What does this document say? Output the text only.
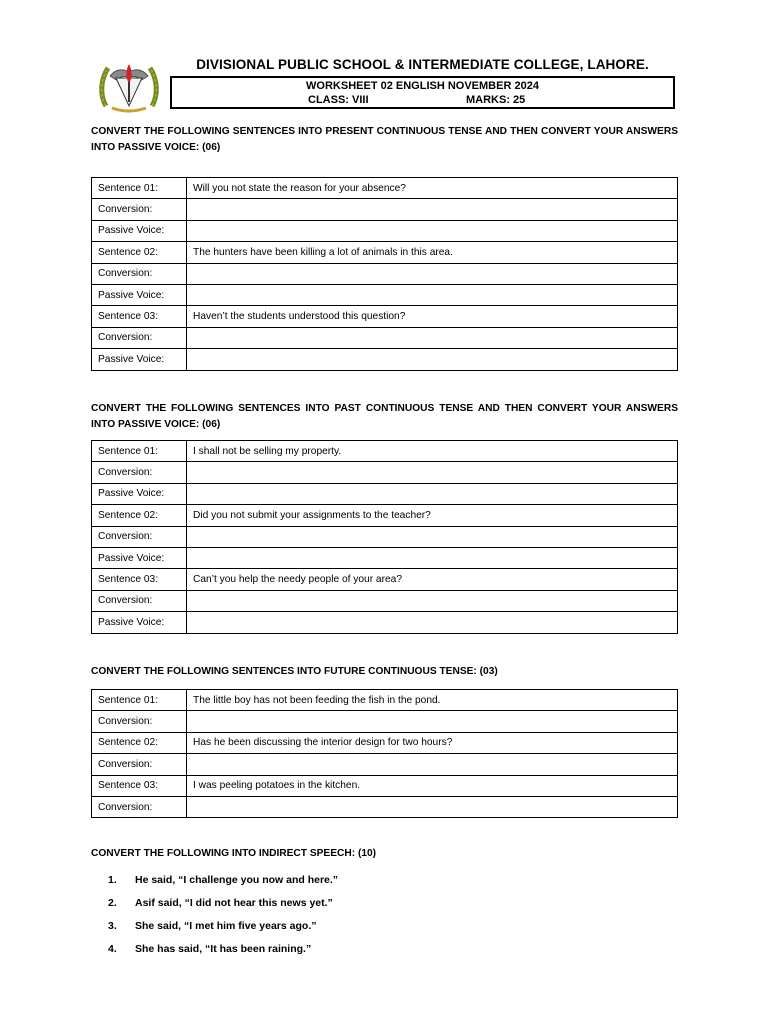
DIVISIONAL PUBLIC SCHOOL & INTERMEDIATE COLLEGE, LAHORE.
WORKSHEET 02 ENGLISH NOVEMBER 2024
CLASS: VIII	MARKS: 25
CONVERT THE FOLLOWING SENTENCES INTO PRESENT CONTINUOUS TENSE AND THEN CONVERT YOUR ANSWERS INTO PASSIVE VOICE: (06)
Sentence 01:	Will you not state the reason for your absence?
Conversion:	
Passive Voice:	
Sentence 02:	The hunters have been killing a lot of animals in this area.
Conversion:	
Passive Voice:	
Sentence 03:	Haven’t the students understood this question?
Conversion:	
Passive Voice:	
CONVERT THE FOLLOWING SENTENCES INTO PAST CONTINUOUS TENSE AND THEN CONVERT YOUR ANSWERS INTO PASSIVE VOICE: (06)
Sentence 01:	I shall not be selling my property.
Conversion:	
Passive Voice:	
Sentence 02:	Did you not submit your assignments to the teacher?
Conversion:	
Passive Voice:	
Sentence 03:	Can’t you help the needy people of your area?
Conversion:	
Passive Voice:	
CONVERT THE FOLLOWING SENTENCES INTO FUTURE CONTINUOUS TENSE: (03)
Sentence 01:	The little boy has not been feeding the fish in the pond.
Conversion:	
Sentence 02:	Has he been discussing the interior design for two hours?
Conversion:	
Sentence 03:	I was peeling potatoes in the kitchen.
Conversion:	
CONVERT THE FOLLOWING INTO INDIRECT SPEECH: (10)
1.	He said, “I challenge you now and here.”
2.	Asif said, “I did not hear this news yet.”
3.	She said, “I met him five years ago.”
4.	She has said, “It has been raining.”
